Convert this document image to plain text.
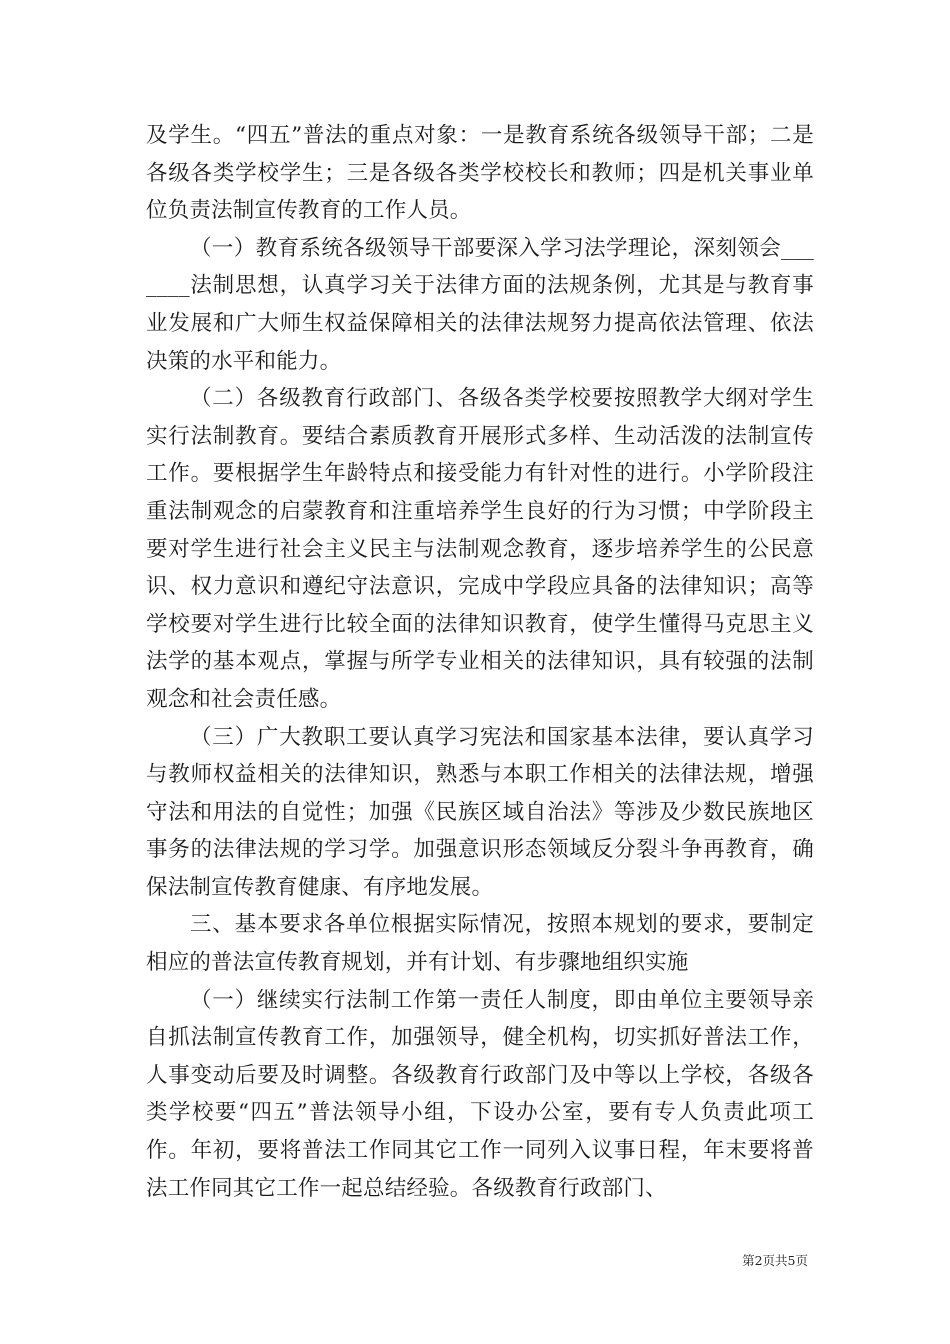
及学生。“四五”普法的重点对象：一是教育系统各级领导干部；二是各级各类学校学生；三是各级各类学校校长和教师；四是机关事业单位负责法制宣传教育的工作人员。

（一）教育系统各级领导干部要深入学习法学理论，深刻领会_______法制思想，认真学习关于法律方面的法规条例，尤其是与教育事业发展和广大师生权益保障相关的法律法规努力提高依法管理、依法决策的水平和能力。

（二）各级教育行政部门、各级各类学校要按照教学大纲对学生实行法制教育。要结合素质教育开展形式多样、生动活泼的法制宣传工作。要根据学生年龄特点和接受能力有针对性的进行。小学阶段注重法制观念的启蒙教育和注重培养学生良好的行为习惯；中学阶段主要对学生进行社会主义民主与法制观念教育，逐步培养学生的公民意识、权力意识和遵纪守法意识，完成中学段应具备的法律知识；高等学校要对学生进行比较全面的法律知识教育，使学生懂得马克思主义法学的基本观点，掌握与所学专业相关的法律知识，具有较强的法制观念和社会责任感。

（三）广大教职工要认真学习宪法和国家基本法律，要认真学习与教师权益相关的法律知识，熟悉与本职工作相关的法律法规，增强守法和用法的自觉性；加强《民族区域自治法》等涉及少数民族地区事务的法律法规的学习学。加强意识形态领域反分裂斗争再教育，确保法制宣传教育健康、有序地发展。

三、基本要求各单位根据实际情况，按照本规划的要求，要制定相应的普法宣传教育规划，并有计划、有步骤地组织实施

（一）继续实行法制工作第一责任人制度，即由单位主要领导亲自抓法制宣传教育工作，加强领导，健全机构，切实抓好普法工作，人事变动后要及时调整。各级教育行政部门及中等以上学校，各级各类学校要“四五”普法领导小组，下设办公室，要有专人负责此项工作。年初，要将普法工作同其它工作一同列入议事日程，年末要将普法工作同其它工作一起总结经验。各级教育行政部门、

第2页共5页
